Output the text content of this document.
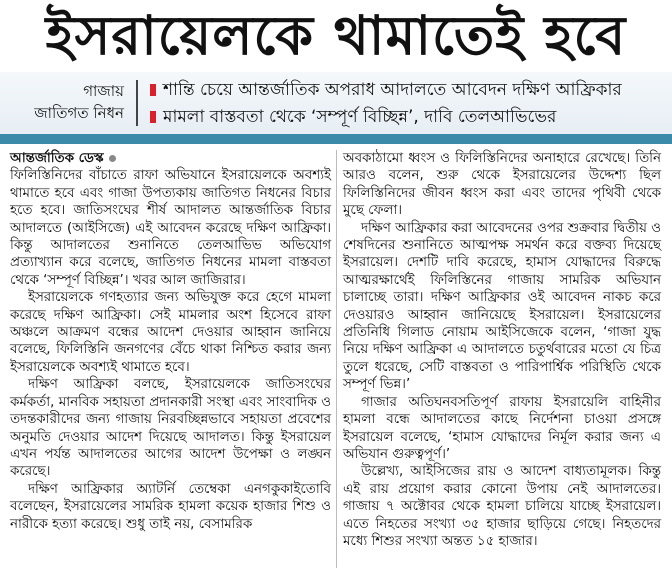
ইসরায়েলকে থামাতেই হবে
গাজায়
জাতিগত নিধন
শান্তি চেয়ে আন্তর্জাতিক অপরাধ আদালতে আবেদন দক্ষিণ আফ্রিকার
মামলা বাস্তবতা থেকে ‘সম্পূর্ণ বিচ্ছিন্ন’, দাবি তেলআভিভের

আন্তর্জাতিক ডেস্ক

ফিলিস্তিনিদের বাঁচাতে রাফা অভিযানে ইসরায়েলকে অবশ্যই থামাতে হবে এবং গাজা উপত্যকায় জাতিগত নিধনের বিচার হতে হবে। জাতিসংঘের শীর্ষ আদালত আন্তর্জাতিক বিচার আদালতে (আইসিজে) এই আবেদন করেছে দক্ষিণ আফ্রিকা। কিন্তু আদালতের শুনানিতে তেলআভিভ অভিযোগ প্রত্যাখ্যান করে বলেছে, জাতিগত নিধনের মামলা বাস্তবতা থেকে ‘সম্পূর্ণ বিচ্ছিন্ন’। খবর আল জাজিরার।

ইসরায়েলকে গণহত্যার জন্য অভিযুক্ত করে হেগে মামলা করেছে দক্ষিণ আফ্রিকা। সেই মামলার অংশ হিসেবে রাফা অঞ্চলে আক্রমণ বন্ধের আদেশ দেওয়ার আহ্বান জানিয়ে বলেছে, ফিলিস্তিনি জনগণের বেঁচে থাকা নিশ্চিত করার জন্য ইসরায়েলকে অবশ্যই থামাতে হবে।

দক্ষিণ আফ্রিকা বলছে, ইসরায়েলকে জাতিসংঘের কর্মকর্তা, মানবিক সহায়তা প্রদানকারী সংস্থা এবং সাংবাদিক ও তদন্তকারীদের জন্য গাজায় নিরবচ্ছিন্নভাবে সহায়তা প্রবেশের অনুমতি দেওয়ার আদেশ দিয়েছে আদালত। কিন্তু ইসরায়েল এখন পর্যন্ত আদালতের আগের আদেশ উপেক্ষা ও লঙ্ঘন করেছে।

দক্ষিণ আফ্রিকার অ্যাটর্নি তেম্বেকা এনগকুকাইতোবি বলেছেন, ইসরায়েলের সামরিক হামলা কয়েক হাজার শিশু ও নারীকে হত্যা করেছে। শুধু তাই নয়, বেসামরিক

অবকাঠামো ধ্বংস ও ফিলিস্তিনিদের অনাহারে রেখেছে। তিনি আরও বলেন, শুরু থেকে ইসরায়েলের উদ্দেশ্য ছিল ফিলিস্তিনিদের জীবন ধ্বংস করা এবং তাদের পৃথিবী থেকে মুছে ফেলা।

দক্ষিণ আফ্রিকার করা আবেদনের ওপর শুক্রবার দ্বিতীয় ও শেষদিনের শুনানিতে আত্মপক্ষ সমর্থন করে বক্তব্য দিয়েছে ইসরায়েল। দেশটি দাবি করেছে, হামাস যোদ্ধাদের বিরুদ্ধে আত্মরক্ষার্থেই ফিলিস্তিনের গাজায় সামরিক অভিযান চালাচ্ছে তারা। দক্ষিণ আফ্রিকার ওই আবেদন নাকচ করে দেওয়ারও আহ্বান জানিয়েছে ইসরায়েল। ইসরায়েলের প্রতিনিধি গিলাড নোয়াম আইসিজেকে বলেন, ‘গাজা যুদ্ধ নিয়ে দক্ষিণ আফ্রিকা এ আদালতে চতুর্থবারের মতো যে চিত্র তুলে ধরেছে, সেটি বাস্তবতা ও পারিপার্শ্বিক পরিস্থিতি থেকে সম্পূর্ণ ভিন্ন।’

গাজার অতিঘনবসতিপূর্ণ রাফায় ইসরায়েলি বাহিনীর হামলা বন্ধে আদালতের কাছে নির্দেশনা চাওয়া প্রসঙ্গে ইসরায়েল বলেছে, ‘হামাস যোদ্ধাদের নির্মূল করার জন্য এ অভিযান গুরুত্বপূর্ণ।’

উল্লেখ্য, আইসিজের রায় ও আদেশ বাধ্যতামূলক। কিন্তু এই রায় প্রয়োগ করার কোনো উপায় নেই আদালতের। গাজায় ৭ অক্টোবর থেকে হামলা চালিয়ে যাচ্ছে ইসরায়েল। এতে নিহতের সংখ্যা ৩৫ হাজার ছাড়িয়ে গেছে। নিহতদের মধ্যে শিশুর সংখ্যা অন্তত ১৫ হাজার।
